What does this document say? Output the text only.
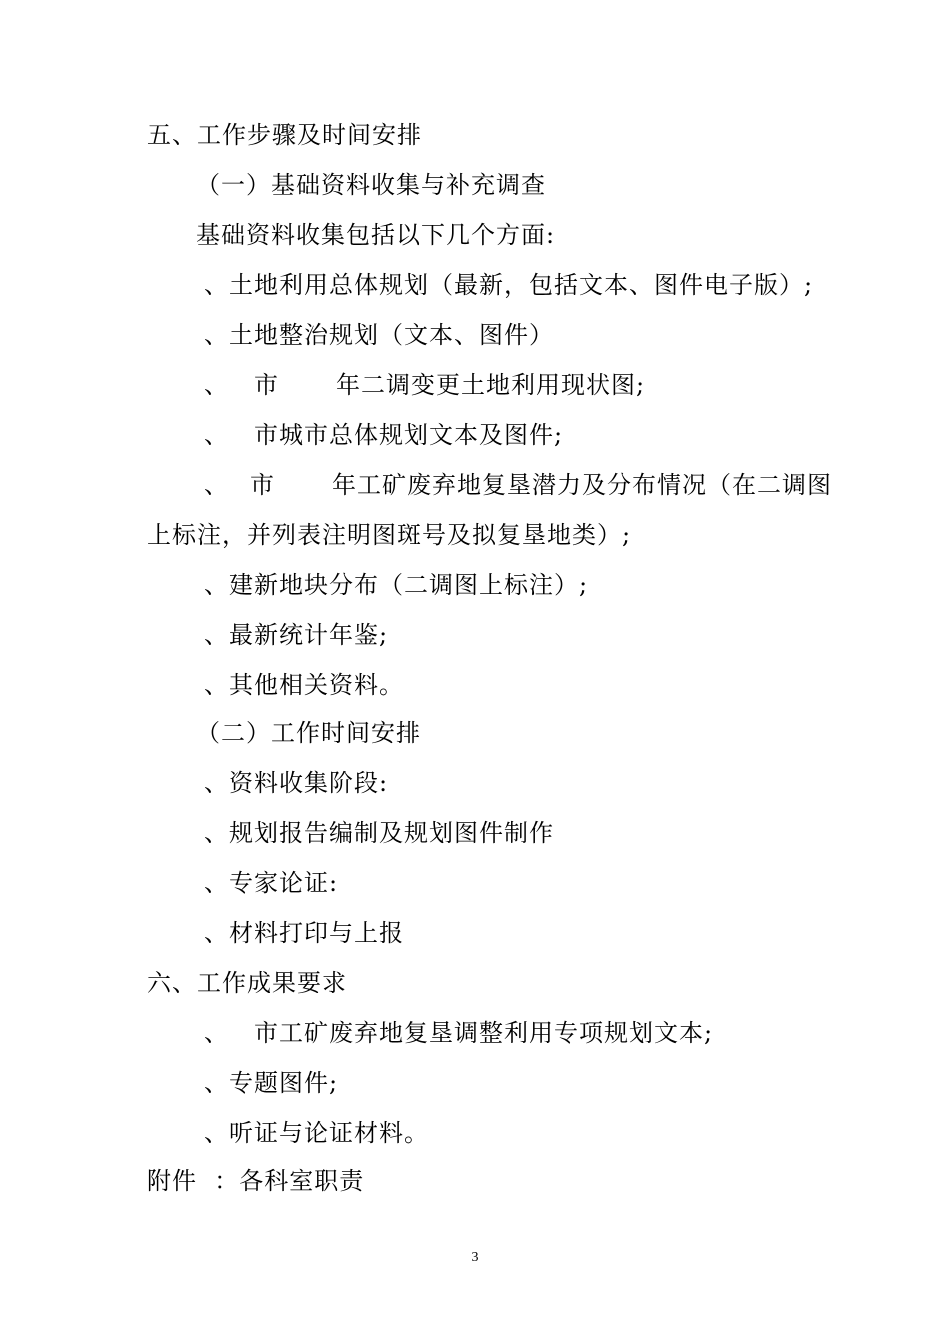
五、工作步骤及时间安排
（一）基础资料收集与补充调查
基础资料收集包括以下几个方面:
、土地利用总体规划（最新，包括文本、图件电子版）;
、土地整治规划（文本、图件）
、 市 年二调变更土地利用现状图;
、 市城市总体规划文本及图件;
、 市 年工矿废弃地复垦潜力及分布情况（在二调图
上标注，并列表注明图斑号及拟复垦地类）;
、建新地块分布（二调图上标注）;
、最新统计年鉴;
、其他相关资料。
（二）工作时间安排
、资料收集阶段:
、规划报告编制及规划图件制作
、专家论证:
、材料打印与上报
六、工作成果要求
、 市工矿废弃地复垦调整利用专项规划文本;
、专题图件;
、听证与论证材料。
附件  ：各科室职责
3
